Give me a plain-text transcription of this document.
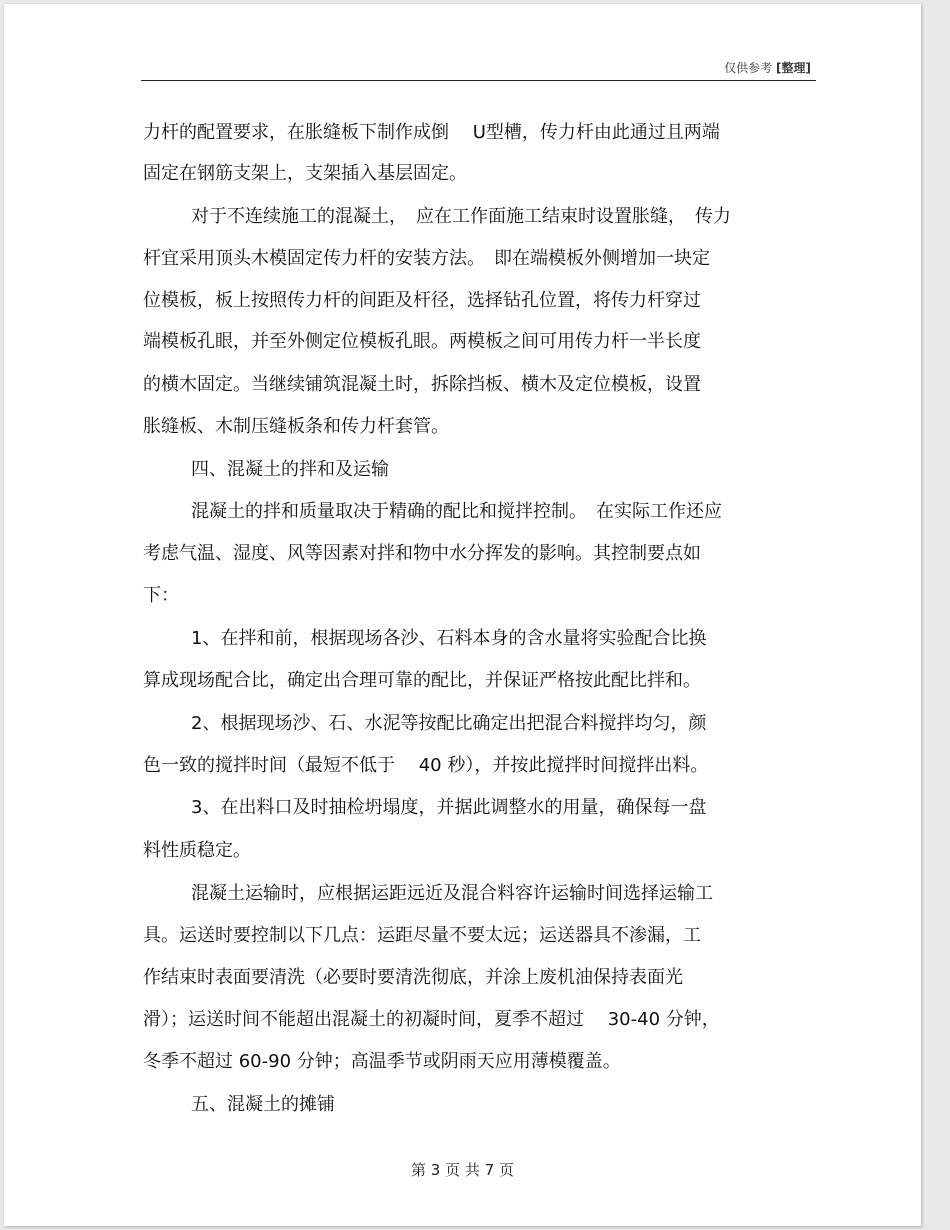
仅供参考 [整理]
力杆的配置要求，在胀缝板下制作成倒　 U型槽，传力杆由此通过且两端
固定在钢筋支架上，支架插入基层固定。
对于不连续施工的混凝土，　应在工作面施工结束时设置胀缝，　传力
杆宜采用顶头木模固定传力杆的安装方法。　即在端模板外侧增加一块定
位模板，板上按照传力杆的间距及杆径，选择钻孔位置，将传力杆穿过
端模板孔眼，并至外侧定位模板孔眼。两模板之间可用传力杆一半长度
的横木固定。当继续铺筑混凝土时，拆除挡板、横木及定位模板，设置
胀缝板、木制压缝板条和传力杆套管。
四、混凝土的拌和及运输
混凝土的拌和质量取决于精确的配比和搅拌控制。　在实际工作还应
考虑气温、湿度、风等因素对拌和物中水分挥发的影响。其控制要点如
下：
1、在拌和前，根据现场各沙、石料本身的含水量将实验配合比换
算成现场配合比，确定出合理可靠的配比，并保证严格按此配比拌和。
2、根据现场沙、石、水泥等按配比确定出把混合料搅拌均匀，颜
色一致的搅拌时间（最短不低于　 40 秒），并按此搅拌时间搅拌出料。
3、在出料口及时抽检坍塌度，并据此调整水的用量，确保每一盘
料性质稳定。
混凝土运输时，应根据运距远近及混合料容许运输时间选择运输工
具。运送时要控制以下几点：运距尽量不要太远；运送器具不渗漏，工
作结束时表面要清洗（必要时要清洗彻底，并涂上废机油保持表面光
滑）；运送时间不能超出混凝土的初凝时间，夏季不超过　 30-40 分钟，
冬季不超过 60-90 分钟；高温季节或阴雨天应用薄模覆盖。
五、混凝土的摊铺
第 3 页 共 7 页
